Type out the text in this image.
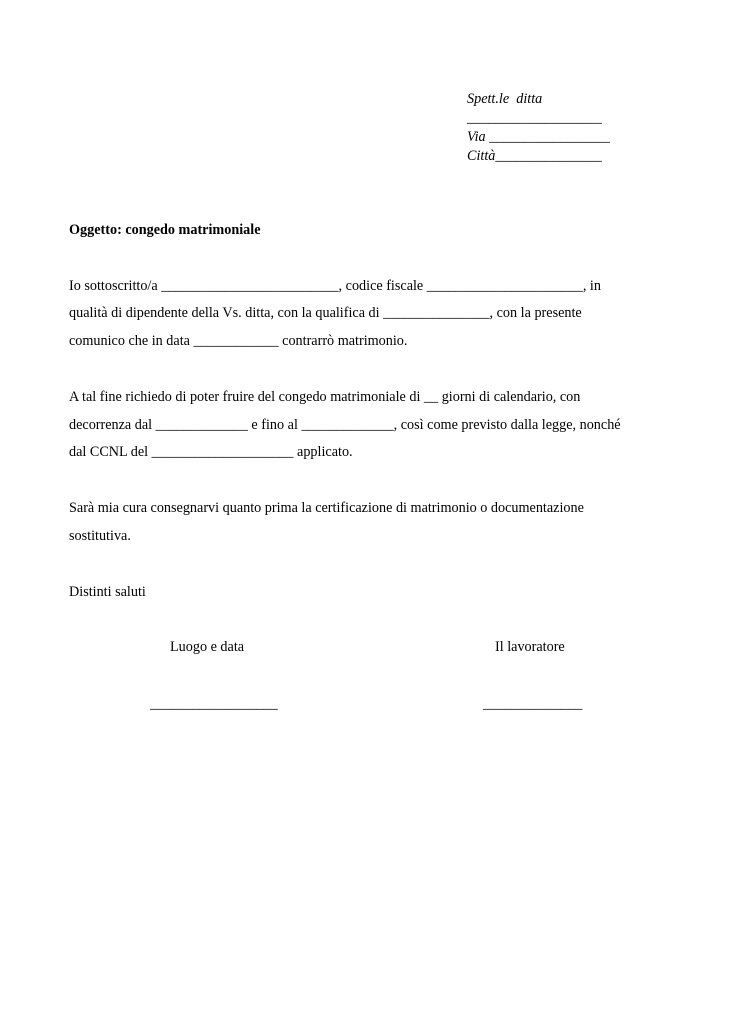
Spett.le  ditta
___________________
Via _________________
Città_______________
Oggetto: congedo matrimoniale
Io sottoscritto/a _________________________, codice fiscale ______________________, in
qualità di dipendente della Vs. ditta, con la qualifica di _______________, con la presente
comunico che in data ____________ contrarrò matrimonio.
A tal fine richiedo di poter fruire del congedo matrimoniale di __ giorni di calendario, con
decorrenza dal _____________ e fino al _____________, così come previsto dalla legge, nonché
dal CCNL del ____________________ applicato.
Sarà mia cura consegnarvi quanto prima la certificazione di matrimonio o documentazione
sostitutiva.
Distinti saluti
Luogo e data	Il lavoratore
__________________	______________
